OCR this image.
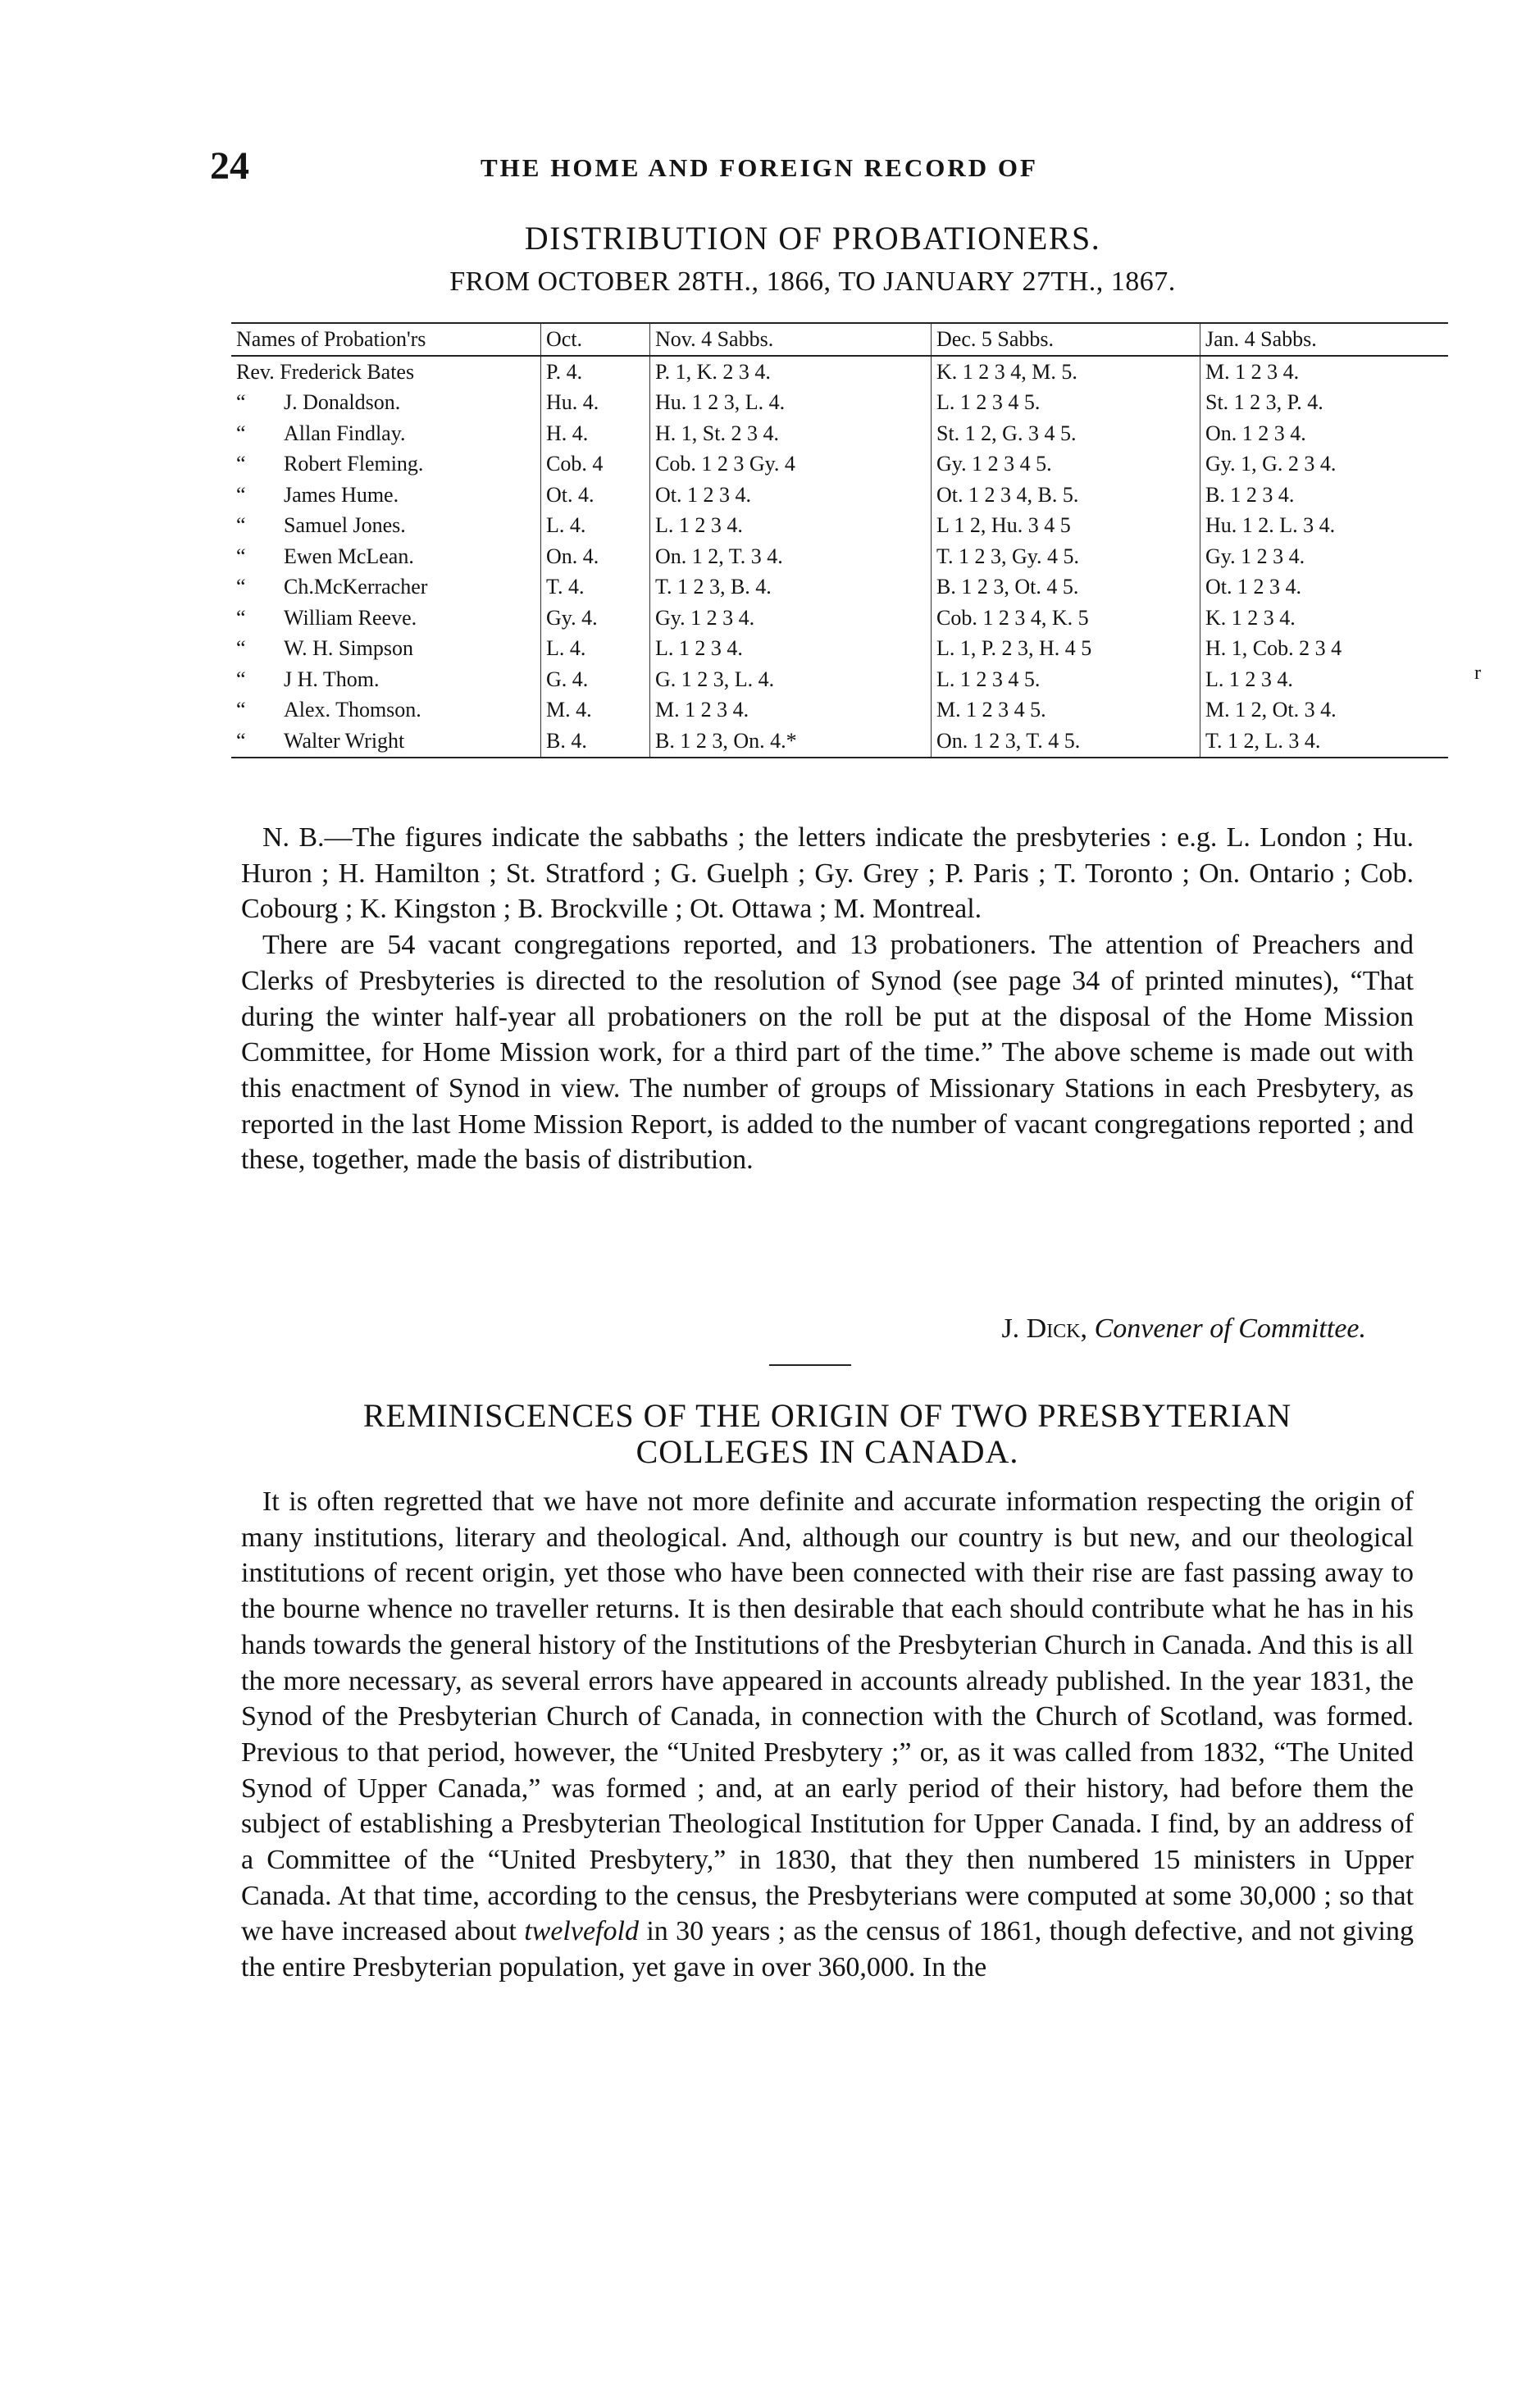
24	THE HOME AND FOREIGN RECORD OF
DISTRIBUTION OF PROBATIONERS.
FROM OCTOBER 28TH., 1866, TO JANUARY 27TH., 1867.
Names of Probation'rs	Oct.	Nov. 4 Sabbs.	Dec. 5 Sabbs.	Jan. 4 Sabbs.
Rev. Frederick Bates	P. 4.	P. 1, K. 2 3 4.	K. 1 2 3 4, M. 5.	M. 1 2 3 4.
“ J. Donaldson.	Hu. 4.	Hu. 1 2 3, L. 4.	L. 1 2 3 4 5.	St. 1 2 3, P. 4.
“ Allan Findlay.	H. 4.	H. 1, St. 2 3 4.	St. 1 2, G. 3 4 5.	On. 1 2 3 4.
“ Robert Fleming.	Cob. 4	Cob. 1 2 3 Gy. 4	Gy. 1 2 3 4 5.	Gy. 1, G. 2 3 4.
“ James Hume.	Ot. 4.	Ot. 1 2 3 4.	Ot. 1 2 3 4, B. 5.	B. 1 2 3 4.
“ Samuel Jones.	L. 4.	L. 1 2 3 4.	L 1 2, Hu. 3 4 5	Hu. 1 2. L. 3 4.
“ Ewen McLean.	On. 4.	On. 1 2, T. 3 4.	T. 1 2 3, Gy. 4 5.	Gy. 1 2 3 4.
“ Ch.McKerracher	T. 4.	T. 1 2 3, B. 4.	B. 1 2 3, Ot. 4 5.	Ot. 1 2 3 4.
“ William Reeve.	Gy. 4.	Gy. 1 2 3 4.	Cob. 1 2 3 4, K. 5	K. 1 2 3 4.
“ W. H. Simpson	L. 4.	L. 1 2 3 4.	L. 1, P. 2 3, H. 4 5	H. 1, Cob. 2 3 4
“ J H. Thom.	G. 4.	G. 1 2 3, L. 4.	L. 1 2 3 4 5.	L. 1 2 3 4.
“ Alex. Thomson.	M. 4.	M. 1 2 3 4.	M. 1 2 3 4 5.	M. 1 2, Ot. 3 4.
“ Walter Wright	B. 4.	B. 1 2 3, On. 4.*	On. 1 2 3, T. 4 5.	T. 1 2, L. 3 4.

N. B.—The figures indicate the sabbaths ; the letters indicate the presbyteries : e.g. L. London ; Hu. Huron ; H. Hamilton ; St. Stratford ; G. Guelph ; Gy. Grey ; P. Paris ; T. Toronto ; On. Ontario ; Cob. Cobourg ; K. Kingston ; B. Brockville ; Ot. Ottawa ; M. Montreal.

There are 54 vacant congregations reported, and 13 probationers. The attention of Preachers and Clerks of Presbyteries is directed to the resolution of Synod (see page 34 of printed minutes), “That during the winter half-year all probationers on the roll be put at the disposal of the Home Mission Committee, for Home Mission work, for a third part of the time.” The above scheme is made out with this enactment of Synod in view. The number of groups of Missionary Stations in each Presbytery, as reported in the last Home Mission Report, is added to the number of vacant congregations reported ; and these, together, made the basis of distribution.

J. Dick, Convener of Committee.
REMINISCENCES OF THE ORIGIN OF TWO PRESBYTERIAN
COLLEGES IN CANADA.

It is often regretted that we have not more definite and accurate information respecting the origin of many institutions, literary and theological. And, although our country is but new, and our theological institutions of recent origin, yet those who have been connected with their rise are fast passing away to the bourne whence no traveller returns. It is then desirable that each should contribute what he has in his hands towards the general history of the Institutions of the Presbyterian Church in Canada. And this is all the more necessary, as several errors have appeared in accounts already published. In the year 1831, the Synod of the Presbyterian Church of Canada, in connection with the Church of Scotland, was formed. Previous to that period, however, the “United Presbytery ;” or, as it was called from 1832, “The United Synod of Upper Canada,” was formed ; and, at an early period of their history, had before them the subject of establishing a Presbyterian Theological Institution for Upper Canada. I find, by an address of a Committee of the “United Presbytery,” in 1830, that they then numbered 15 ministers in Upper Canada. At that time, according to the census, the Presbyterians were computed at some 30,000 ; so that we have increased about twelvefold in 30 years ; as the census of 1861, though defective, and not giving the entire Presbyterian population, yet gave in over 360,000. In the

r
